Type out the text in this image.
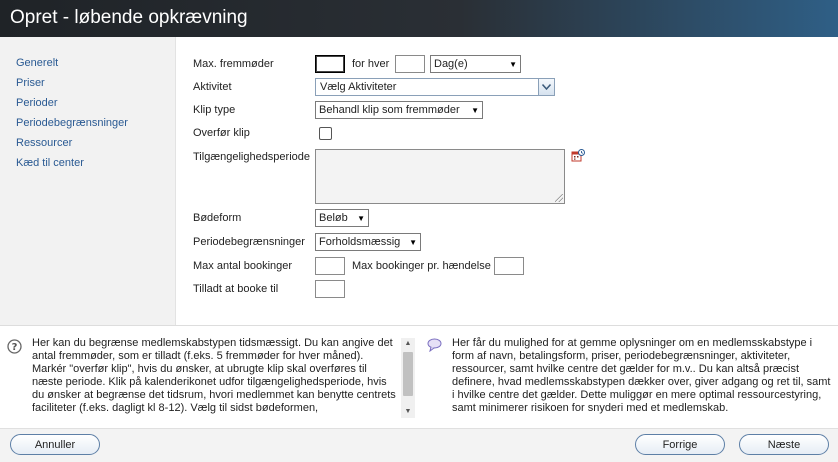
Opret - løbende opkrævning
Generelt
Priser
Perioder
Periodebegrænsninger
Ressourcer
Kæd til center
Max. fremmøder	for hver	Dag(e)	▼
Aktivitet	Vælg Aktiviteter
Klip type	Behandl klip som fremmøder ▼
Overfør klip
Tilgængelighedsperiode
Bødeform	Beløb ▼
Periodebegrænsninger Forholdsmæssig ▼
Max antal bookinger	Max bookinger pr. hændelse
Tilladt at booke til
? Her kan du begrænse medlemskabstypen tidsmæssigt. Du kan angive det antal fremmøder, som er tilladt (f.eks. 5 fremmøder for hver måned). Markér "overfør klip", hvis du ønsker, at ubrugte klip skal overføres til næste periode. Klik på kalenderikonet udfor tilgængelighedsperiode, hvis du ønsker at begrænse det tidsrum, hvori medlemmet kan benytte centrets faciliteter (f.eks. dagligt kl 8-12). Vælg til sidst bødeformen,
▲
▼
Her får du mulighed for at gemme oplysninger om en medlemsskabstype i form af navn, betalingsform, priser, periodebegrænsninger, aktiviteter, ressourcer, samt hvilke centre det gælder for m.v.. Du kan altså præcist definere, hvad medlemsskabstypen dækker over, giver adgang og ret til, samt i hvilke centre det gælder. Dette muliggør en mere optimal ressourcestyring, samt minimerer risikoen for snyderi med et medlemskab.
Annuller	Forrige	Næste
